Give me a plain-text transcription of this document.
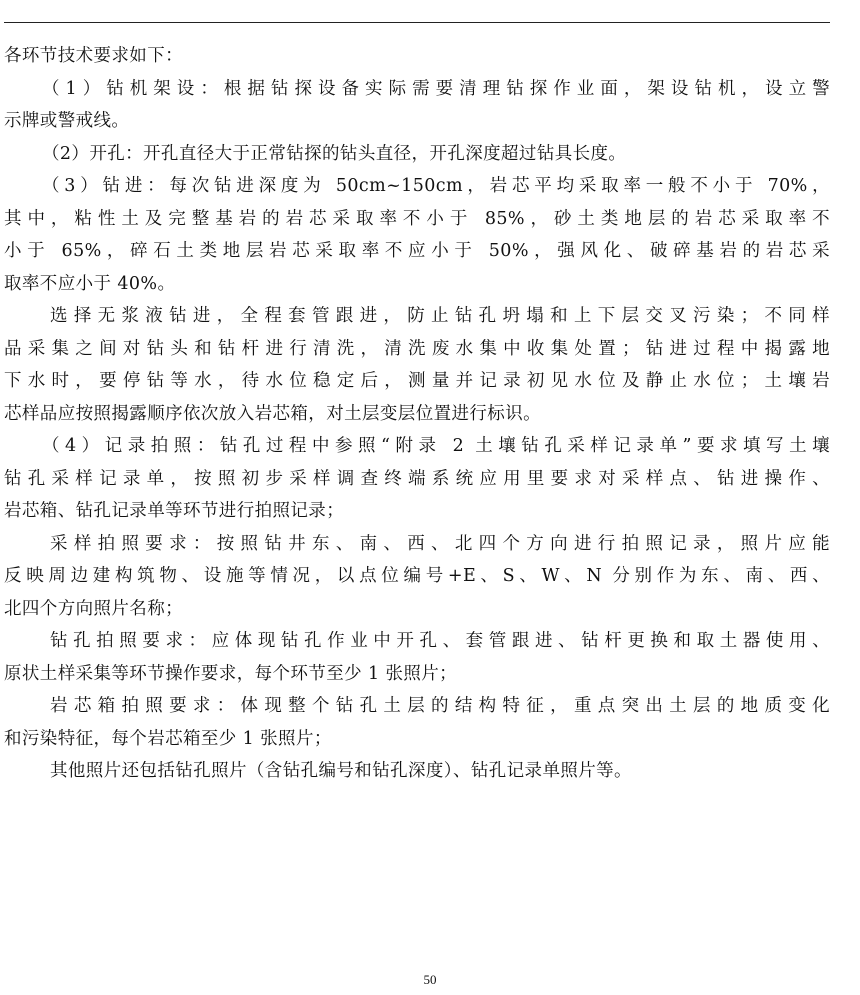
各环节技术要求如下：
（1）钻机架设：根据钻探设备实际需要清理钻探作业面，架设钻机，设立警
示牌或警戒线。
（2）开孔：开孔直径大于正常钻探的钻头直径，开孔深度超过钻具长度。
（3）钻进：每次钻进深度为 50cm~150cm，岩芯平均采取率一般不小于 70%，
其中，粘性土及完整基岩的岩芯采取率不小于 85%，砂土类地层的岩芯采取率不
小于 65%，碎石土类地层岩芯采取率不应小于 50%，强风化、破碎基岩的岩芯采
取率不应小于 40%。
选择无浆液钻进，全程套管跟进，防止钻孔坍塌和上下层交叉污染；不同样
品采集之间对钻头和钻杆进行清洗，清洗废水集中收集处置；钻进过程中揭露地
下水时，要停钻等水，待水位稳定后，测量并记录初见水位及静止水位；土壤岩
芯样品应按照揭露顺序依次放入岩芯箱，对土层变层位置进行标识。
（4）记录拍照：钻孔过程中参照“附录 2 土壤钻孔采样记录单”要求填写土壤
钻孔采样记录单，按照初步采样调查终端系统应用里要求对采样点、钻进操作、
岩芯箱、钻孔记录单等环节进行拍照记录；
采样拍照要求：按照钻井东、南、西、北四个方向进行拍照记录，照片应能
反映周边建构筑物、设施等情况，以点位编号+E、S、W、N 分别作为东、南、西、
北四个方向照片名称；
钻孔拍照要求：应体现钻孔作业中开孔、套管跟进、钻杆更换和取土器使用、
原状土样采集等环节操作要求，每个环节至少 1 张照片；
岩芯箱拍照要求：体现整个钻孔土层的结构特征，重点突出土层的地质变化
和污染特征，每个岩芯箱至少 1 张照片；
其他照片还包括钻孔照片（含钻孔编号和钻孔深度）、钻孔记录单照片等。
50
